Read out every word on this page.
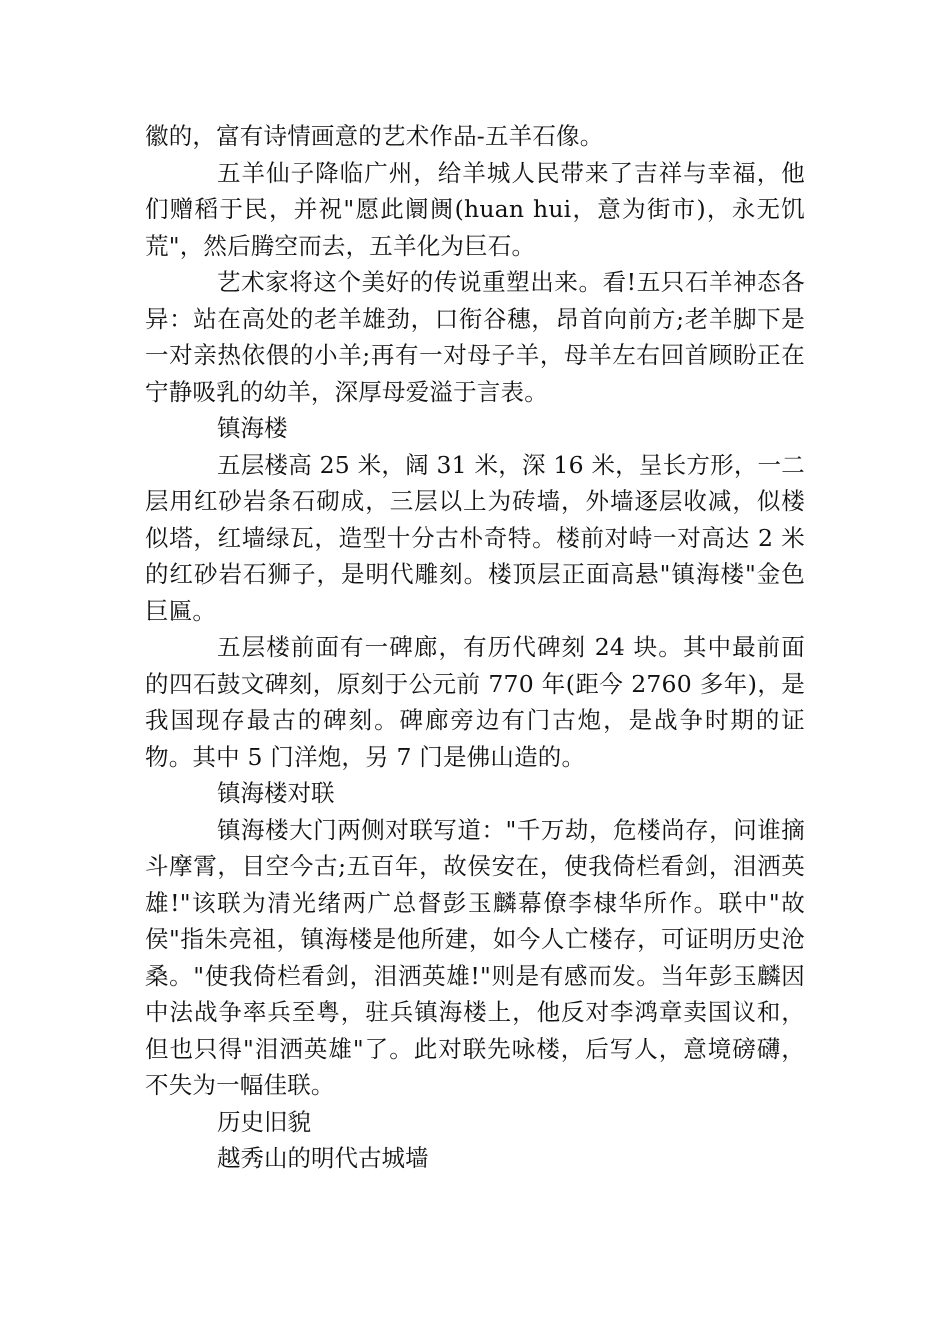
徽的，富有诗情画意的艺术作品-五羊石像。

五羊仙子降临广州，给羊城人民带来了吉祥与幸福，他们赠稻于民，并祝"愿此阛阓(huan hui，意为街市)，永无饥荒"，然后腾空而去，五羊化为巨石。

艺术家将这个美好的传说重塑出来。看!五只石羊神态各异：站在高处的老羊雄劲，口衔谷穗，昂首向前方;老羊脚下是一对亲热依偎的小羊;再有一对母子羊，母羊左右回首顾盼正在宁静吸乳的幼羊，深厚母爱溢于言表。

镇海楼

五层楼高 25 米，阔 31 米，深 16 米，呈长方形，一二层用红砂岩条石砌成，三层以上为砖墙，外墙逐层收减，似楼似塔，红墙绿瓦，造型十分古朴奇特。楼前对峙一对高达 2 米的红砂岩石狮子，是明代雕刻。楼顶层正面高悬"镇海楼"金色巨匾。

五层楼前面有一碑廊，有历代碑刻 24 块。其中最前面的四石鼓文碑刻，原刻于公元前 770 年(距今 2760 多年)，是我国现存最古的碑刻。碑廊旁边有门古炮，是战争时期的证物。其中 5 门洋炮，另 7 门是佛山造的。

镇海楼对联

镇海楼大门两侧对联写道："千万劫，危楼尚存，问谁摘斗摩霄，目空今古;五百年，故侯安在，使我倚栏看剑，泪洒英雄!"该联为清光绪两广总督彭玉麟幕僚李棣华所作。联中"故侯"指朱亮祖，镇海楼是他所建，如今人亡楼存，可证明历史沧桑。"使我倚栏看剑，泪洒英雄!"则是有感而发。当年彭玉麟因中法战争率兵至粤，驻兵镇海楼上，他反对李鸿章卖国议和，但也只得"泪洒英雄"了。此对联先咏楼，后写人，意境磅礴，不失为一幅佳联。

历史旧貌

越秀山的明代古城墙
